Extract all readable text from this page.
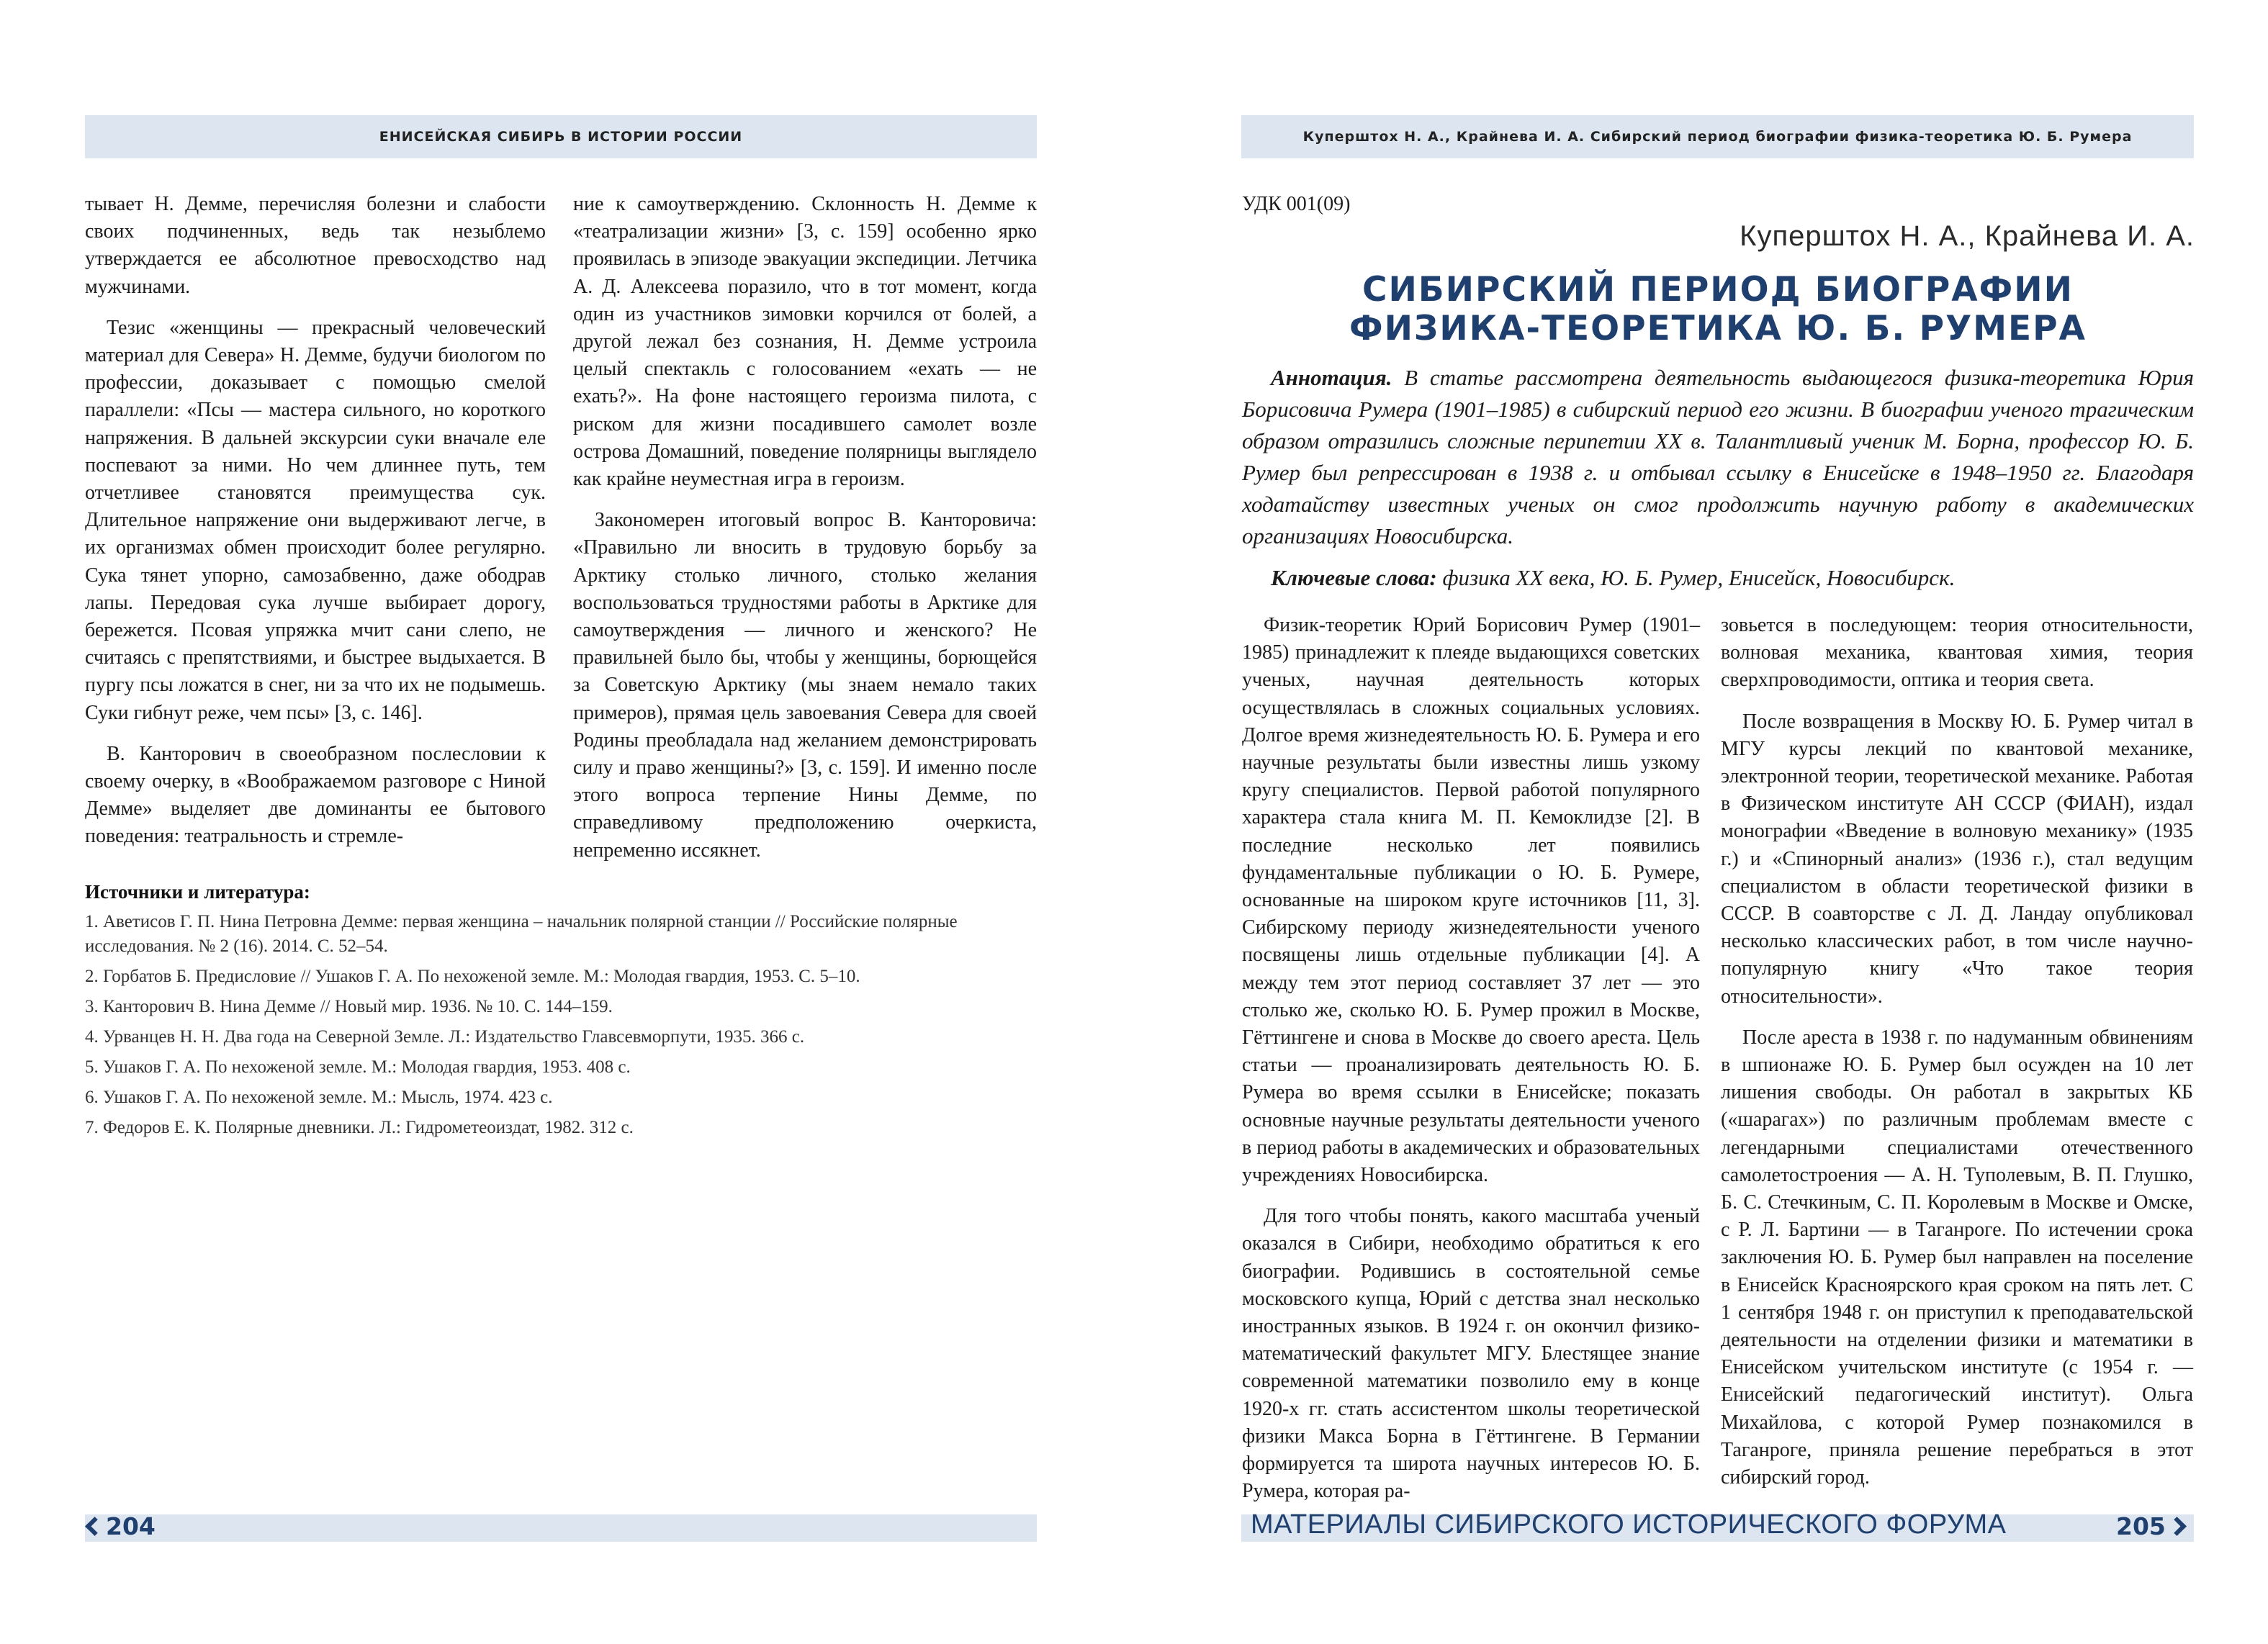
ЕНИСЕЙСКАЯ СИБИРЬ В ИСТОРИИ РОССИИ

тывает Н. Демме, перечисляя болезни и слабости своих подчиненных, ведь так незыблемо утверждается ее абсолютное превосходство над мужчинами.

Тезис «женщины — прекрасный человеческий материал для Севера» Н. Демме, будучи биологом по профессии, доказывает с помощью смелой параллели: «Псы — мастера сильного, но короткого напряжения. В дальней экскурсии суки вначале еле поспевают за ними. Но чем длиннее путь, тем отчетливее становятся преимущества сук. Длительное напряжение они выдерживают легче, в их организмах обмен происходит более регулярно. Сука тянет упорно, самозабвенно, даже ободрав лапы. Передовая сука лучше выбирает дорогу, бережется. Псовая упряжка мчит сани слепо, не считаясь с препятствиями, и быстрее выдыхается. В пургу псы ложатся в снег, ни за что их не подымешь. Суки гибнут реже, чем псы» [3, с. 146].

В. Канторович в своеобразном послесловии к своему очерку, в «Воображаемом разговоре с Ниной Демме» выделяет две доминанты ее бытового поведения: театральность и стремле-

ние к самоутверждению. Склонность Н. Демме к «театрализации жизни» [3, с. 159] особенно ярко проявилась в эпизоде эвакуации экспедиции. Летчика А. Д. Алексеева поразило, что в тот момент, когда один из участников зимовки корчился от болей, а другой лежал без сознания, Н. Демме устроила целый спектакль с голосованием «ехать — не ехать?». На фоне настоящего героизма пилота, с риском для жизни посадившего самолет возле острова Домашний, поведение полярницы выглядело как крайне неуместная игра в героизм.

Закономерен итоговый вопрос В. Канторовича: «Правильно ли вносить в трудовую борьбу за Арктику столько личного, столько желания воспользоваться трудностями работы в Арктике для самоутверждения — личного и женского? Не правильней было бы, чтобы у женщины, борющейся за Советскую Арктику (мы знаем немало таких примеров), прямая цель завоевания Севера для своей Родины преобладала над желанием демонстрировать силу и право женщины?» [3, с. 159]. И именно после этого вопроса терпение Нины Демме, по справедливому предположению очеркиста, непременно иссякнет.

Источники и литература:
1. Аветисов Г. П. Нина Петровна Демме: первая женщина – начальник полярной станции // Российские полярные исследования. № 2 (16). 2014. С. 52–54.
2. Горбатов Б. Предисловие // Ушаков Г. А. По нехоженой земле. М.: Молодая гвардия, 1953. С. 5–10.
3. Канторович В. Нина Демме // Новый мир. 1936. № 10. С. 144–159.
4. Урванцев Н. Н. Два года на Северной Земле. Л.: Издательство Главсевморпути, 1935. 366 с.
5. Ушаков Г. А. По нехоженой земле. М.: Молодая гвардия, 1953. 408 с.
6. Ушаков Г. А. По нехоженой земле. М.: Мысль, 1974. 423 с.
7. Федоров Е. К. Полярные дневники. Л.: Гидрометеоиздат, 1982. 312 с.
204
Куперштох Н. А., Крайнева И. А. Сибирский период биографии физика-теоретика Ю. Б. Румера
УДК 001(09)
Куперштох Н. А., Крайнева И. А.
СИБИРСКИЙ ПЕРИОД БИОГРАФИИ
ФИЗИКА-ТЕОРЕТИКА Ю. Б. РУМЕРА

Аннотация. В статье рассмотрена деятельность выдающегося физика-теоретика Юрия Борисовича Румера (1901–1985) в сибирский период его жизни. В биографии ученого трагическим образом отразились сложные перипетии XX в. Талантливый ученик М. Борна, профессор Ю. Б. Румер был репрессирован в 1938 г. и отбывал ссылку в Енисейске в 1948–1950 гг. Благодаря ходатайству известных ученых он смог продолжить научную работу в академических организациях Новосибирска.

Ключевые слова: физика XX века, Ю. Б. Румер, Енисейск, Новосибирск.

Физик-теоретик Юрий Борисович Румер (1901–1985) принадлежит к плеяде выдающихся советских ученых, научная деятельность которых осуществлялась в сложных социальных условиях. Долгое время жизнедеятельность Ю. Б. Румера и его научные результаты были известны лишь узкому кругу специалистов. Первой работой популярного характера стала книга М. П. Кемоклидзе [2]. В последние несколько лет появились фундаментальные публикации о Ю. Б. Румере, основанные на широком круге источников [11, 3]. Сибирскому периоду жизнедеятельности ученого посвящены лишь отдельные публикации [4]. А между тем этот период составляет 37 лет — это столько же, сколько Ю. Б. Румер прожил в Москве, Гёттингене и снова в Москве до своего ареста. Цель статьи — проанализировать деятельность Ю. Б. Румера во время ссылки в Енисейске; показать основные научные результаты деятельности ученого в период работы в академических и образовательных учреждениях Новосибирска.

Для того чтобы понять, какого масштаба ученый оказался в Сибири, необходимо обратиться к его биографии. Родившись в состоятельной семье московского купца, Юрий с детства знал несколько иностранных языков. В 1924 г. он окончил физико-математический факультет МГУ. Блестящее знание современной математики позволило ему в конце 1920-х гг. стать ассистентом школы теоретической физики Макса Борна в Гёттингене. В Германии формируется та широта научных интересов Ю. Б. Румера, которая ра-

зовьется в последующем: теория относительности, волновая механика, квантовая химия, теория сверхпроводимости, оптика и теория света.

После возвращения в Москву Ю. Б. Румер читал в МГУ курсы лекций по квантовой механике, электронной теории, теоретической механике. Работая в Физическом институте АН СССР (ФИАН), издал монографии «Введение в волновую механику» (1935 г.) и «Спинорный анализ» (1936 г.), стал ведущим специалистом в области теоретической физики в СССР. В соавторстве с Л. Д. Ландау опубликовал несколько классических работ, в том числе научно-популярную книгу «Что такое теория относительности».

После ареста в 1938 г. по надуманным обвинениям в шпионаже Ю. Б. Румер был осужден на 10 лет лишения свободы. Он работал в закрытых КБ («шарагах») по различным проблемам вместе с легендарными специалистами отечественного самолетостроения — А. Н. Туполевым, В. П. Глушко, Б. С. Стечкиным, С. П. Королевым в Москве и Омске, с Р. Л. Бартини — в Таганроге. По истечении срока заключения Ю. Б. Румер был направлен на поселение в Енисейск Красноярского края сроком на пять лет. С 1 сентября 1948 г. он приступил к преподавательской деятельности на отделении физики и математики в Енисейском учительском институте (с 1954 г. — Енисейский педагогический институт). Ольга Михайлова, с которой Румер познакомился в Таганроге, приняла решение перебраться в этот сибирский город.

МАТЕРИАЛЫ СИБИРСКОГО ИСТОРИЧЕСКОГО ФОРУМА	205
